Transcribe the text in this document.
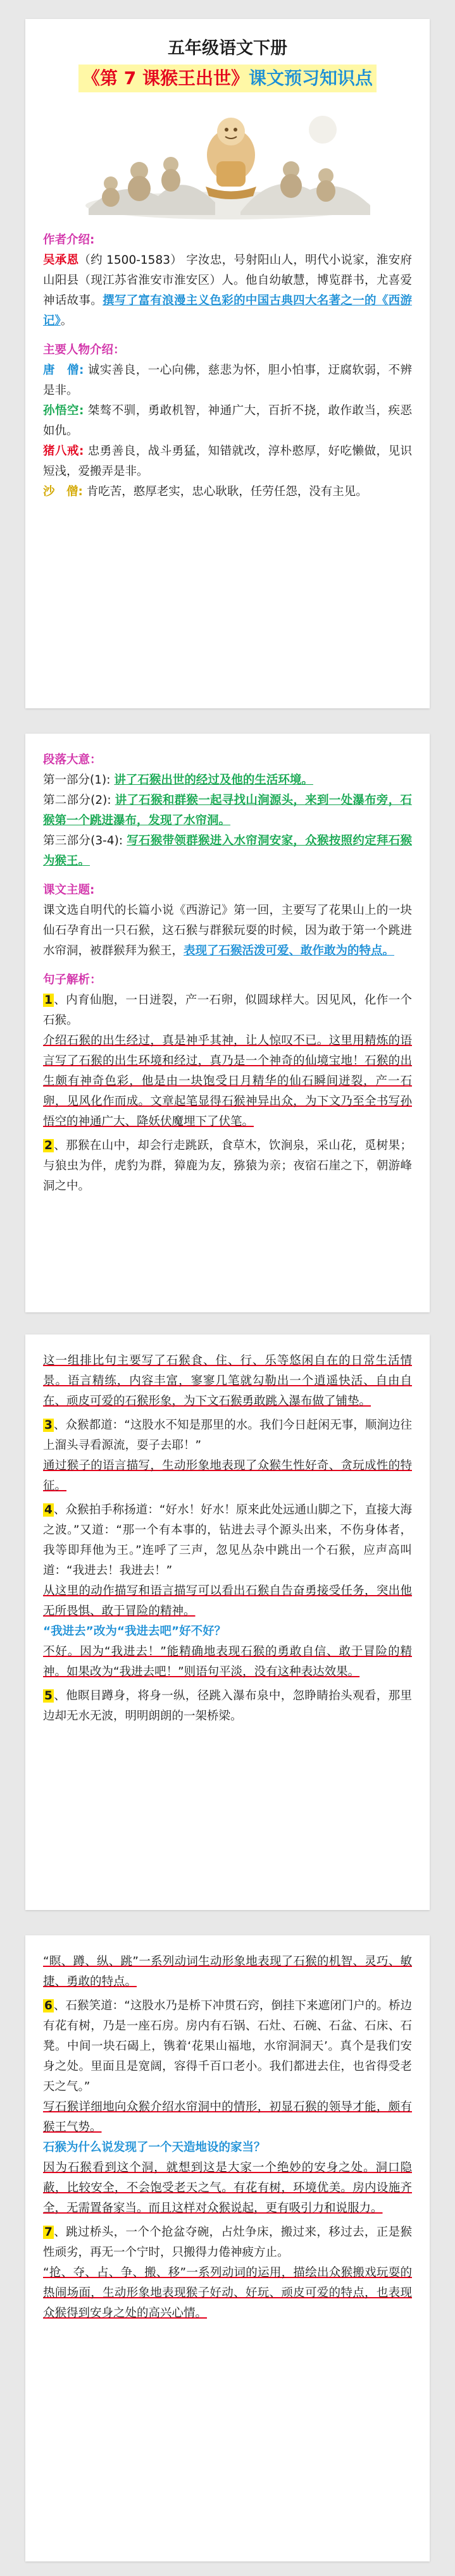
五年级语文下册
《第 7 课猴王出世》课文预习知识点
作者介绍:

吴承恩（约 1500-1583） 字汝忠，号射阳山人，明代小说家，淮安府山阳县（现江苏省淮安市淮安区）人。他自幼敏慧，博览群书，尤喜爱神话故事。撰写了富有浪漫主义色彩的中国古典四大名著之一的《西游记》。

主要人物介绍：

唐　僧: 诚实善良，一心向佛，慈悲为怀，胆小怕事，迂腐软弱，不辨是非。

孙悟空: 桀骜不驯，勇敢机智，神通广大，百折不挠，敢作敢当，疾恶如仇。

猪八戒: 忠勇善良，战斗勇猛，知错就改，淳朴憨厚，好吃懒做，见识短浅，爱搬弄是非。

沙　僧: 肯吃苦，憨厚老实，忠心耿耿，任劳任怨，没有主见。

段落大意：

第一部分(1): 讲了石猴出世的经过及他的生活环境。

第二部分(2): 讲了石猴和群猴一起寻找山涧源头，来到一处瀑布旁，石猴第一个跳进瀑布，发现了水帘洞。

第三部分(3-4): 写石猴带领群猴进入水帘洞安家，众猴按照约定拜石猴为猴王。

课文主题:

课文选自明代的长篇小说《西游记》第一回，主要写了花果山上的一块仙石孕育出一只石猴，这石猴与群猴玩耍的时候，因为敢于第一个跳进水帘洞，被群猴拜为猴王，表现了石猴活泼可爱、敢作敢为的特点。

句子解析：

1 、内育仙胞，一日迸裂，产一石卵，似圆球样大。因见风，化作一个石猴。

介绍石猴的出生经过，真是神乎其神，让人惊叹不已。这里用精炼的语言写了石猴的出生环境和经过，真乃是一个神奇的仙境宝地！石猴的出生颇有神奇色彩，他是由一块饱受日月精华的仙石瞬间迸裂，产一石卵，见风化作而成。文章起笔显得石猴神异出众，为下文乃至全书写孙悟空的神通广大、降妖伏魔埋下了伏笔。

2 、那猴在山中，却会行走跳跃，食草木，饮涧泉，采山花，觅树果；与狼虫为伴，虎豹为群，獐鹿为友，猕猿为亲；夜宿石崖之下，朝游峰洞之中。

这一组排比句主要写了石猴食、住、行、乐等悠闲自在的日常生活情景。语言精练，内容丰富，寥寥几笔就勾勒出一个逍遥快活、自由自在、顽皮可爱的石猴形象，为下文石猴勇敢跳入瀑布做了铺垫。

3 、众猴都道：“这股水不知是那里的水。我们今日赶闲无事，顺涧边往上溜头寻看源流，耍子去耶！”

通过猴子的语言描写，生动形象地表现了众猴生性好奇、贪玩成性的特征。

4 、众猴拍手称扬道：“好水！好水！原来此处远通山脚之下，直接大海之波。”又道：“那一个有本事的，钻进去寻个源头出来，不伤身体者，我等即拜他为王。”连呼了三声，忽见丛杂中跳出一个石猴，应声高叫道：“我进去！我进去！”

从这里的动作描写和语言描写可以看出石猴自告奋勇接受任务，突出他无所畏惧、敢于冒险的精神。

“我进去”改为“我进去吧”好不好？

不好。因为“我进去！”能精确地表现石猴的勇敢自信、敢于冒险的精神。如果改为“我进去吧！”则语句平淡，没有这种表达效果。

5 、他瞑目蹲身，将身一纵，径跳入瀑布泉中，忽睁睛抬头观看，那里边却无水无波，明明朗朗的一架桥梁。

“瞑、蹲、纵、跳”一系列动词生动形象地表现了石猴的机智、灵巧、敏捷、勇敢的特点。

6 、石猴笑道：“这股水乃是桥下冲贯石窍，倒挂下来遮闭门户的。桥边有花有树，乃是一座石房。房内有石锅、石灶、石碗、石盆、石床、石凳。中间一块石碣上，镌着‘花果山福地，水帘洞洞天’。真个是我们安身之处。里面且是宽阔，容得千百口老小。我们都进去住，也省得受老天之气。”

写石猴详细地向众猴介绍水帘洞中的情形，初显石猴的领导才能，颇有猴王气势。

石猴为什么说发现了一个天造地设的家当？

因为石猴看到这个洞，就想到这是大家一个绝妙的安身之处。洞口隐蔽，比较安全，不会饱受老天之气。有花有树，环境优美。房内设施齐全，无需置备家当。而且这样对众猴说起，更有吸引力和说服力。

7 、跳过桥头，一个个抢盆夺碗，占灶争床，搬过来，移过去，正是猴性顽劣，再无一个宁时，只搬得力倦神疲方止。

“抢、夺、占、争、搬、移”一系列动词的运用，描绘出众猴搬戏玩耍的热闹场面，生动形象地表现猴子好动、好玩、顽皮可爱的特点，也表现众猴得到安身之处的高兴心情。
